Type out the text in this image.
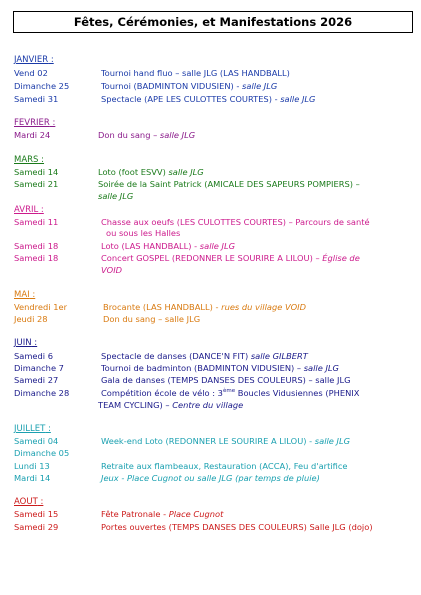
Fêtes, Cérémonies, et Manifestations 2026
JANVIER :
Vend 02	Tournoi hand fluo – salle JLG (LAS HANDBALL)
Dimanche 25	Tournoi (BADMINTON VIDUSIEN) - salle JLG
Samedi 31	Spectacle (APE LES CULOTTES COURTES) - salle JLG
FEVRIER :
Mardi 24	Don du sang – salle JLG
MARS :
Samedi 14	Loto (foot ESVV) salle JLG
Samedi 21	Soirée de la Saint Patrick (AMICALE DES SAPEURS POMPIERS) –
salle JLG
AVRIL :
Samedi 11	Chasse aux oeufs (LES CULOTTES COURTES) – Parcours de santé
ou sous les Halles
Samedi 18	Loto (LAS HANDBALL) - salle JLG
Samedi 18	Concert GOSPEL (REDONNER LE SOURIRE A LILOU) – Église de
VOID
MAI :
Vendredi 1er	Brocante (LAS HANDBALL) - rues du village VOID
Jeudi 28	Don du sang – salle JLG
JUIN :
Samedi 6	Spectacle de danses (DANCE'N FIT) salle GILBERT
Dimanche 7	Tournoi de badminton (BADMINTON VIDUSIEN) – salle JLG
Samedi 27	Gala de danses (TEMPS DANSES DES COULEURS) – salle JLG
Dimanche 28	Compétition école de vélo : 3ème Boucles Vidusiennes (PHENIX
TEAM CYCLING) – Centre du village
JUILLET :
Samedi 04	Week-end Loto (REDONNER LE SOURIRE A LILOU) - salle JLG
Dimanche 05
Lundi 13	Retraite aux flambeaux, Restauration (ACCA), Feu d'artifice
Mardi 14	Jeux - Place Cugnot ou salle JLG (par temps de pluie)
AOUT :
Samedi 15	Fête Patronale - Place Cugnot
Samedi 29	Portes ouvertes (TEMPS DANSES DES COULEURS) Salle JLG (dojo)
